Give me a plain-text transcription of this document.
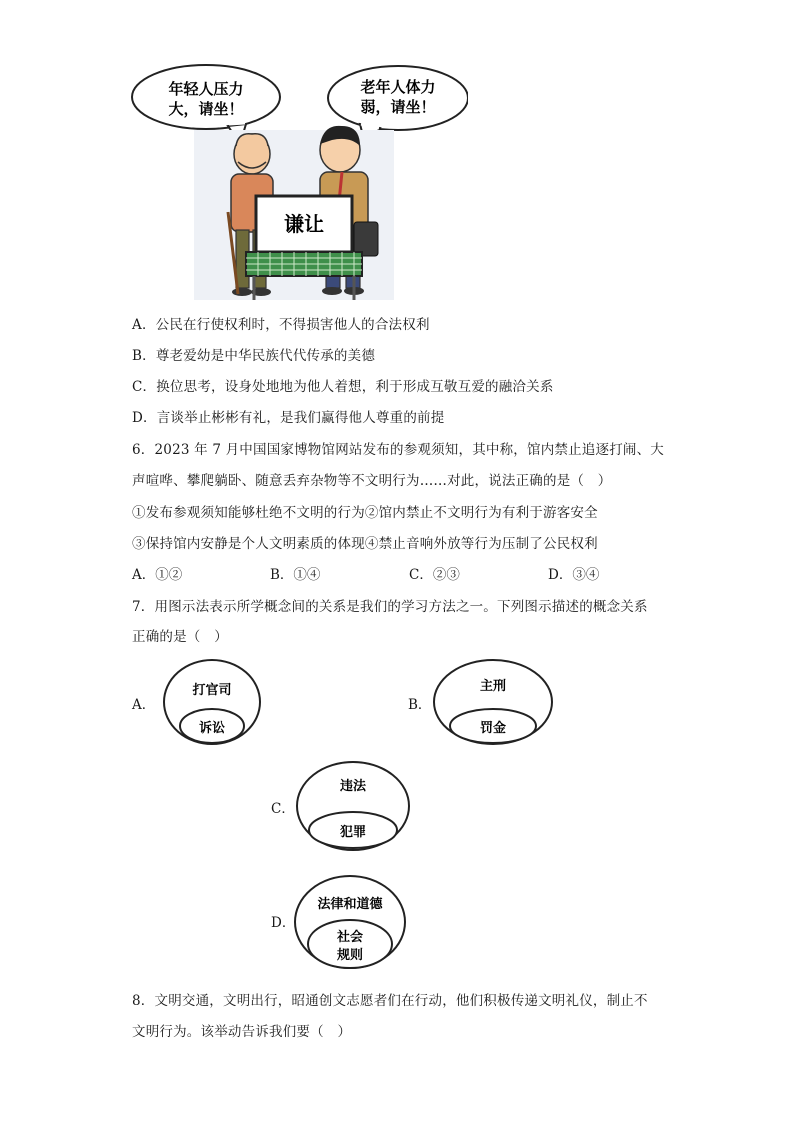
年轻人压力
大，请坐！
老年人体力
弱，请坐！
谦让
A．公民在行使权利时，不得损害他人的合法权利
B．尊老爱幼是中华民族代代传承的美德
C．换位思考，设身处地地为他人着想，利于形成互敬互爱的融洽关系
D．言谈举止彬彬有礼，是我们赢得他人尊重的前提
6．2023 年 7 月中国国家博物馆网站发布的参观须知，其中称，馆内禁止追逐打闹、大
声喧哗、攀爬躺卧、随意丢弃杂物等不文明行为……对此，说法正确的是（　）
①发布参观须知能够杜绝不文明的行为②馆内禁止不文明行为有利于游客安全
③保持馆内安静是个人文明素质的体现④禁止音响外放等行为压制了公民权利
A．①②	B．①④	C．②③	D．③④
7．用图示法表示所学概念间的关系是我们的学习方法之一。下列图示描述的概念关系
正确的是（　）
A．
打官司
诉讼
B．
主刑
罚金
C．
违法
犯罪
D．
法律和道德
社会
规则
8．文明交通，文明出行，昭通创文志愿者们在行动，他们积极传递文明礼仪，制止不
文明行为。该举动告诉我们要（　）
